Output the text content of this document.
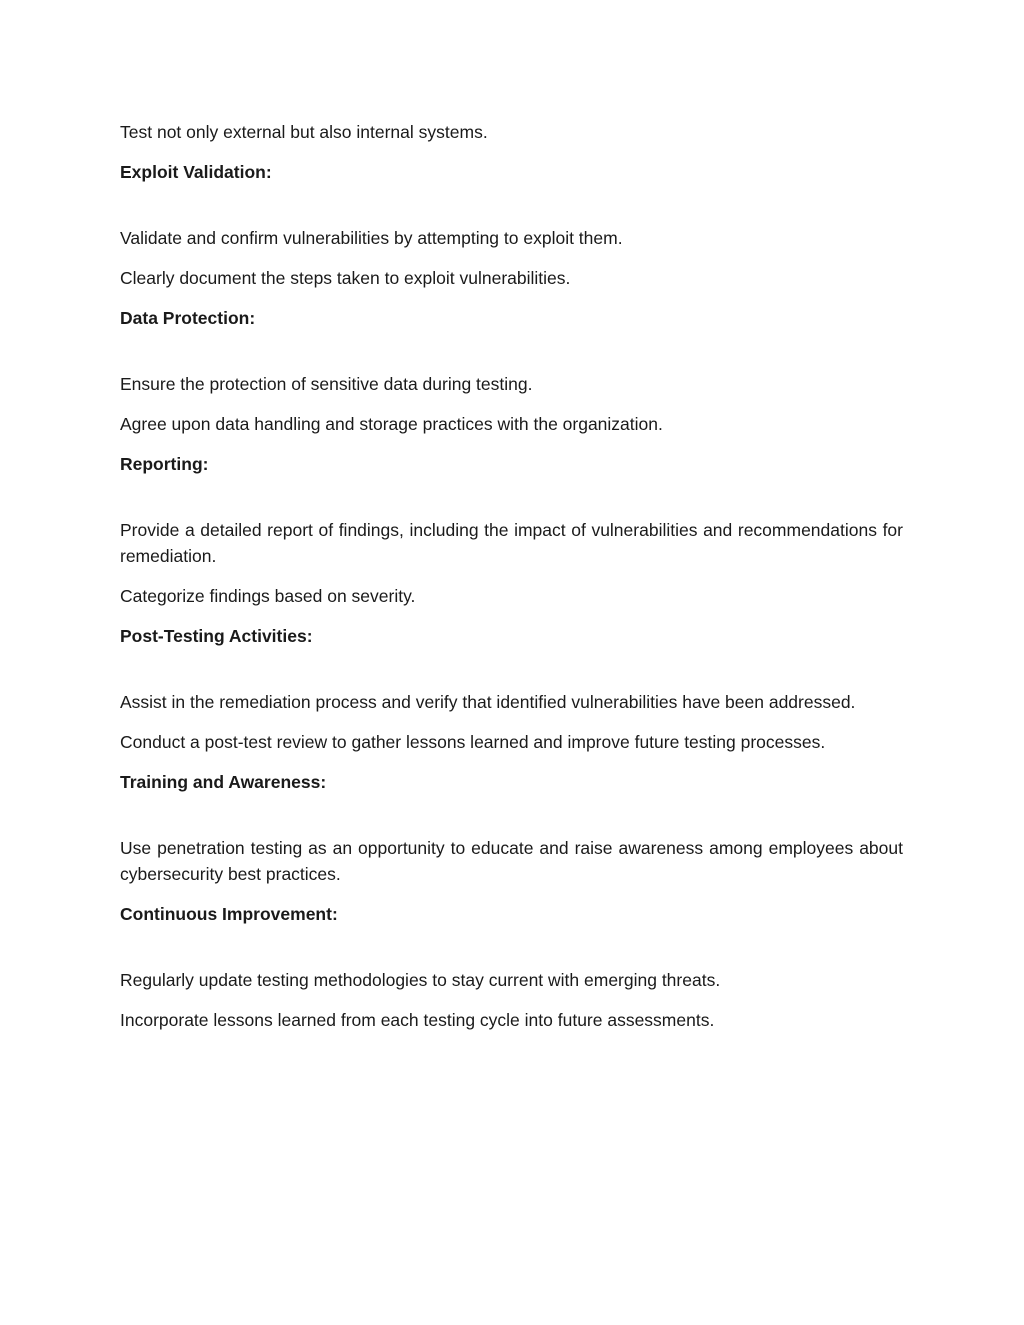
Test not only external but also internal systems.

Exploit Validation:

Validate and confirm vulnerabilities by attempting to exploit them.

Clearly document the steps taken to exploit vulnerabilities.

Data Protection:

Ensure the protection of sensitive data during testing.

Agree upon data handling and storage practices with the organization.

Reporting:

Provide a detailed report of findings, including the impact of vulnerabilities and recommendations for remediation.

Categorize findings based on severity.

Post-Testing Activities:

Assist in the remediation process and verify that identified vulnerabilities have been addressed.

Conduct a post-test review to gather lessons learned and improve future testing processes.

Training and Awareness:

Use penetration testing as an opportunity to educate and raise awareness among employees about cybersecurity best practices.

Continuous Improvement:

Regularly update testing methodologies to stay current with emerging threats.

Incorporate lessons learned from each testing cycle into future assessments.
